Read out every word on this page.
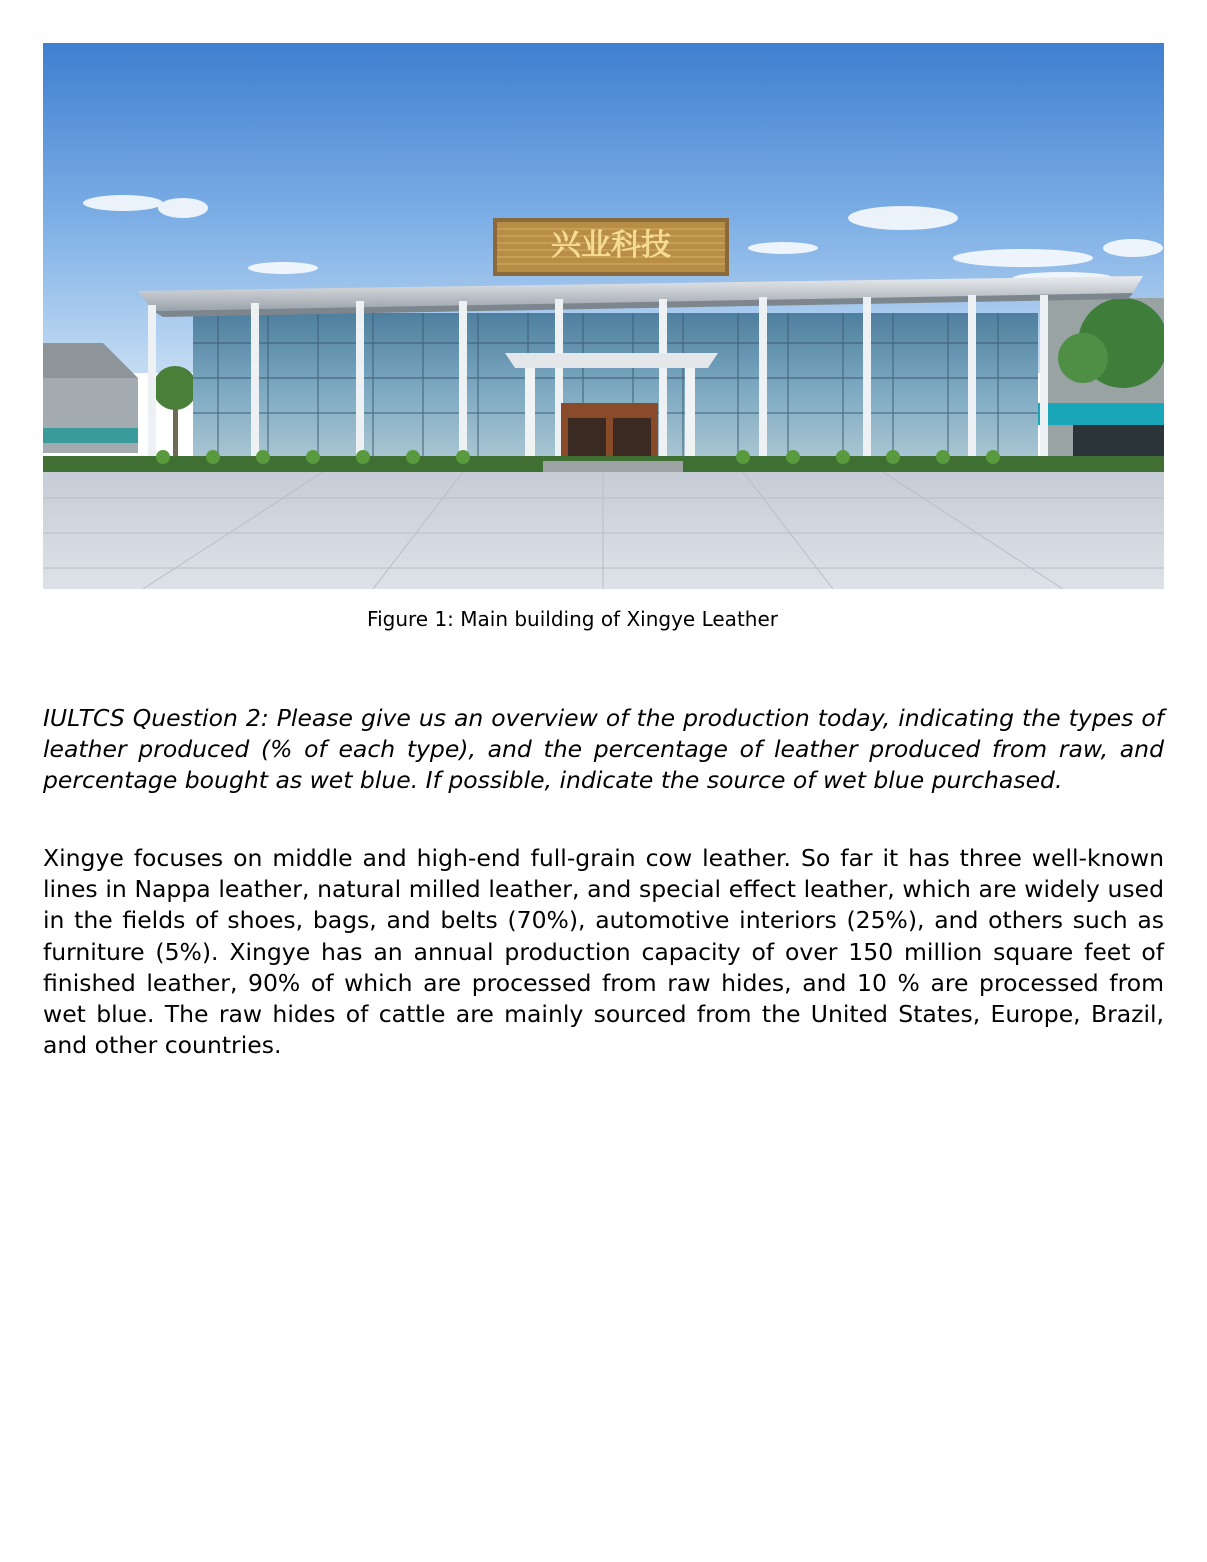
兴业科技
Figure 1: Main building of Xingye Leather
IULTCS Question 2: Please give us an overview of the production today, indicating the types of leather produced (% of each type), and the percentage of leather produced from raw, and percentage bought as wet blue. If possible, indicate the source of wet blue purchased.
Xingye focuses on middle and high-end full-grain cow leather. So far it has three well-known lines in Nappa leather, natural milled leather, and special effect leather, which are widely used in the fields of shoes, bags, and belts (70%), automotive interiors (25%), and others such as furniture (5%). Xingye has an annual production capacity of over 150 million square feet of finished leather, 90% of which are processed from raw hides, and 10 % are processed from wet blue. The raw hides of cattle are mainly sourced from the United States, Europe, Brazil, and other countries.
